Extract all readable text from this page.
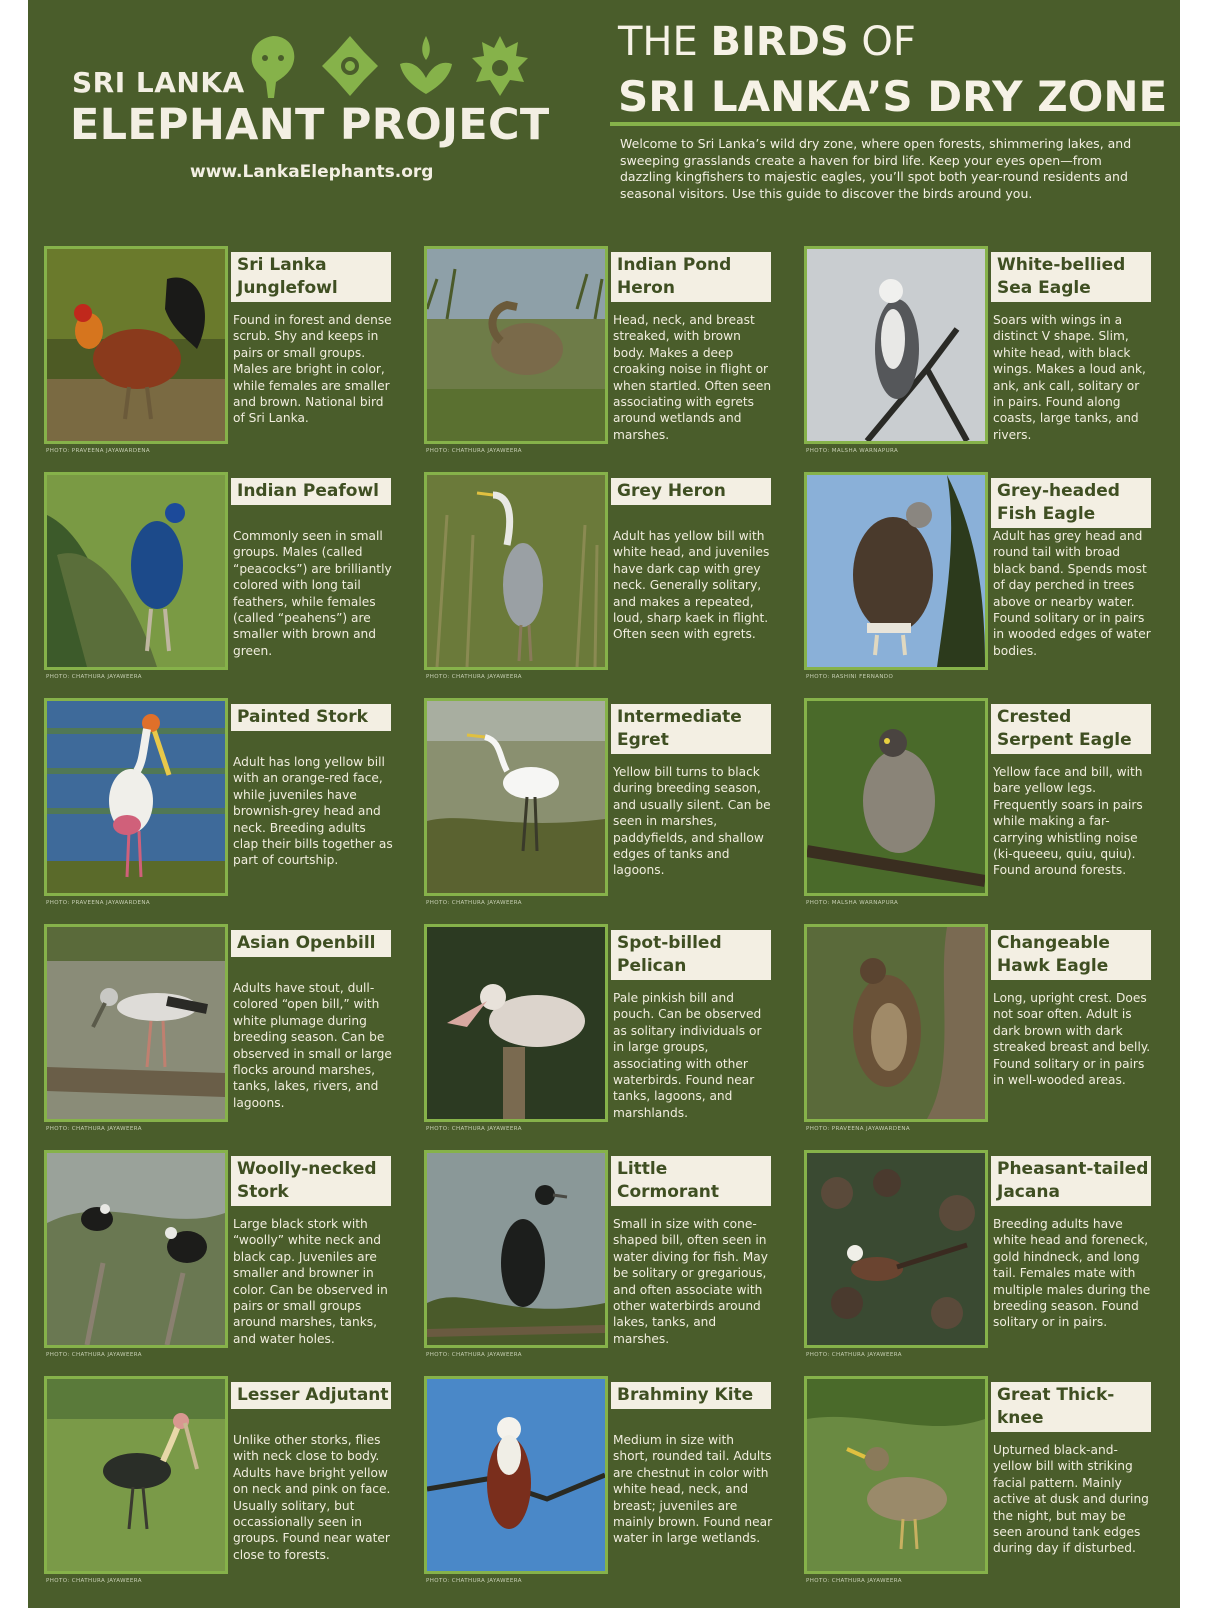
SRI LANKA
ELEPHANT PROJECT
www.LankaElephants.org
THE BIRDS OF
SRI LANKA’S DRY ZONE
Welcome to Sri Lanka’s wild dry zone, where open forests, shimmering lakes, and sweeping grasslands create a haven for bird life. Keep your eyes open—from dazzling kingfishers to majestic eagles, you’ll spot both year-round residents and seasonal visitors. Use this guide to discover the birds around you.
PHOTO: PRAVEENA JAYAWARDENA
Sri Lanka Junglefowl
Found in forest and dense scrub. Shy and keeps in pairs or small groups. Males are bright in color, while females are smaller and brown. National bird of Sri Lanka.
PHOTO: CHATHURA JAYAWEERA
Indian Pond Heron
Head, neck, and breast streaked, with brown body. Makes a deep croaking noise in flight or when startled. Often seen associating with egrets around wetlands and marshes.
PHOTO: MALSHA WARNAPURA
White-bellied Sea Eagle
Soars with wings in a distinct V shape. Slim, white head, with black wings. Makes a loud ank, ank, ank call, solitary or in pairs. Found along coasts, large tanks, and rivers.
PHOTO: CHATHURA JAYAWEERA
Indian Peafowl
Commonly seen in small groups. Males (called “peacocks”) are brilliantly colored with long tail feathers, while females (called “peahens”) are smaller with brown and green.
PHOTO: CHATHURA JAYAWEERA
Grey Heron
Adult has yellow bill with white head, and juveniles have dark cap with grey neck. Generally solitary, and makes a repeated, loud, sharp kaek in flight. Often seen with egrets.
PHOTO: RASHINI FERNANDO
Grey-headed Fish Eagle
Adult has grey head and round tail with broad black band. Spends most of day perched in trees above or nearby water. Found solitary or in pairs in wooded edges of water bodies.
PHOTO: PRAVEENA JAYAWARDENA
Painted Stork
Adult has long yellow bill with an orange-red face, while juveniles have brownish-grey head and neck. Breeding adults clap their bills together as part of courtship.
PHOTO: CHATHURA JAYAWEERA
Intermediate Egret
Yellow bill turns to black during breeding season, and usually silent. Can be seen in marshes, paddyfields, and shallow edges of tanks and lagoons.
PHOTO: MALSHA WARNAPURA
Crested Serpent Eagle
Yellow face and bill, with bare yellow legs. Frequently soars in pairs while making a far-carrying whistling noise (ki-queeeu, quiu, quiu). Found around forests.
PHOTO: CHATHURA JAYAWEERA
Asian Openbill
Adults have stout, dull-colored “open bill,” with white plumage during breeding season. Can be observed in small or large flocks around marshes, tanks, lakes, rivers, and lagoons.
PHOTO: CHATHURA JAYAWEERA
Spot-billed Pelican
Pale pinkish bill and pouch. Can be observed as solitary individuals or in large groups, associating with other waterbirds. Found near tanks, lagoons, and marshlands.
PHOTO: PRAVEENA JAYAWARDENA
Changeable Hawk Eagle
Long, upright crest. Does not soar often. Adult is dark brown with dark streaked breast and belly. Found solitary or in pairs in well-wooded areas.
PHOTO: CHATHURA JAYAWEERA
Woolly-necked Stork
Large black stork with “woolly” white neck and black cap. Juveniles are smaller and browner in color. Can be observed in pairs or small groups around marshes, tanks, and water holes.
PHOTO: CHATHURA JAYAWEERA
Little Cormorant
Small in size with cone-shaped bill, often seen in water diving for fish. May be solitary or gregarious, and often associate with other waterbirds around lakes, tanks, and marshes.
PHOTO: CHATHURA JAYAWEERA
Pheasant-tailed Jacana
Breeding adults have white head and foreneck, gold hindneck, and long tail. Females mate with multiple males during the breeding season. Found solitary or in pairs.
PHOTO: CHATHURA JAYAWEERA
Lesser Adjutant
Unlike other storks, flies with neck close to body. Adults have bright yellow on neck and pink on face. Usually solitary, but occassionally seen in groups. Found near water close to forests.
PHOTO: CHATHURA JAYAWEERA
Brahminy Kite
Medium in size with short, rounded tail. Adults are chestnut in color with white head, neck, and breast; juveniles are mainly brown. Found near water in large wetlands.
PHOTO: CHATHURA JAYAWEERA
Great Thick-knee
Upturned black-and-yellow bill with striking facial pattern. Mainly active at dusk and during the night, but may be seen around tank edges during day if disturbed.
